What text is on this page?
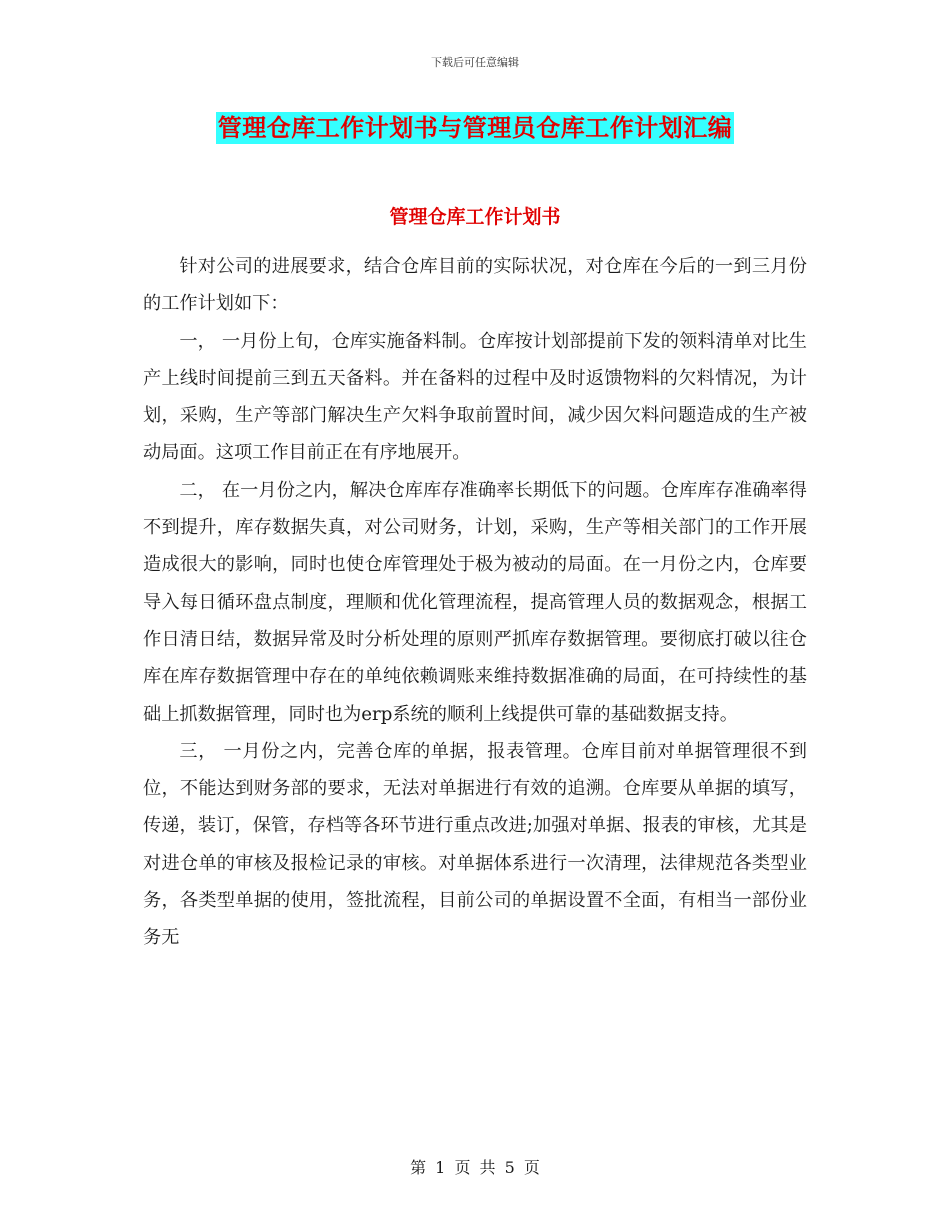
下载后可任意编辑
管理仓库工作计划书与管理员仓库工作计划汇编
管理仓库工作计划书

针对公司的进展要求，结合仓库目前的实际状况，对仓库在今后的一到三月份的工作计划如下：

一， 一月份上旬，仓库实施备料制。仓库按计划部提前下发的领料清单对比生产上线时间提前三到五天备料。并在备料的过程中及时返馈物料的欠料情况，为计划，采购，生产等部门解决生产欠料争取前置时间，减少因欠料问题造成的生产被动局面。这项工作目前正在有序地展开。

二， 在一月份之内，解决仓库库存准确率长期低下的问题。仓库库存准确率得不到提升，库存数据失真，对公司财务，计划，采购，生产等相关部门的工作开展造成很大的影响，同时也使仓库管理处于极为被动的局面。在一月份之内，仓库要导入每日循环盘点制度，理顺和优化管理流程，提高管理人员的数据观念，根据工作日清日结，数据异常及时分析处理的原则严抓库存数据管理。要彻底打破以往仓库在库存数据管理中存在的单纯依赖调账来维持数据准确的局面，在可持续性的基础上抓数据管理，同时也为erp系统的顺利上线提供可靠的基础数据支持。

三， 一月份之内，完善仓库的单据，报表管理。仓库目前对单据管理很不到位，不能达到财务部的要求，无法对单据进行有效的追溯。仓库要从单据的填写，传递，装订，保管，存档等各环节进行重点改进;加强对单据、报表的审核，尤其是对进仓单的审核及报检记录的审核。对单据体系进行一次清理，法律规范各类型业务，各类型单据的使用，签批流程，目前公司的单据设置不全面，有相当一部份业务无

第 1 页 共 5 页
